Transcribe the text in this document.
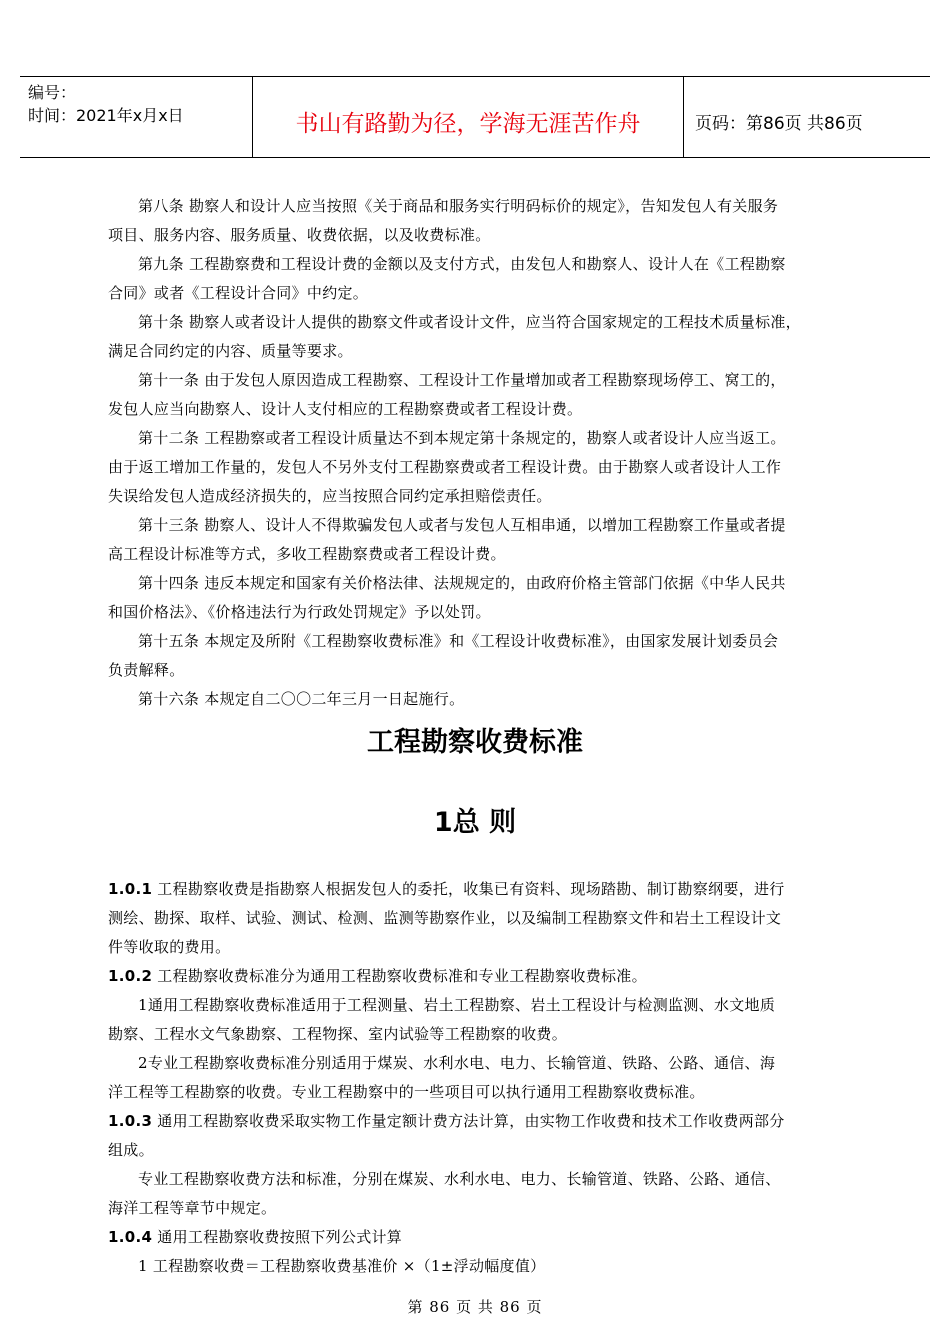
编号：
时间：2021年x月x日	书山有路勤为径，学海无涯苦作舟	页码：第86页 共86页
第八条 勘察人和设计人应当按照《关于商品和服务实行明码标价的规定》，告知发包人有关服务
项目、服务内容、服务质量、收费依据，以及收费标准。
第九条 工程勘察费和工程设计费的金额以及支付方式，由发包人和勘察人、设计人在《工程勘察
合同》或者《工程设计合同》中约定。
第十条 勘察人或者设计人提供的勘察文件或者设计文件，应当符合国家规定的工程技术质量标准，
满足合同约定的内容、质量等要求。
第十一条 由于发包人原因造成工程勘察、工程设计工作量增加或者工程勘察现场停工、窝工的，
发包人应当向勘察人、设计人支付相应的工程勘察费或者工程设计费。
第十二条 工程勘察或者工程设计质量达不到本规定第十条规定的，勘察人或者设计人应当返工。
由于返工增加工作量的，发包人不另外支付工程勘察费或者工程设计费。由于勘察人或者设计人工作
失误给发包人造成经济损失的，应当按照合同约定承担赔偿责任。
第十三条 勘察人、设计人不得欺骗发包人或者与发包人互相串通，以增加工程勘察工作量或者提
高工程设计标准等方式，多收工程勘察费或者工程设计费。
第十四条 违反本规定和国家有关价格法律、法规规定的，由政府价格主管部门依据《中华人民共
和国价格法》、《价格违法行为行政处罚规定》予以处罚。
第十五条 本规定及所附《工程勘察收费标准》和《工程设计收费标准》，由国家发展计划委员会
负责解释。
第十六条 本规定自二〇〇二年三月一日起施行。
工程勘察收费标准
1总 则
1.0.1 工程勘察收费是指勘察人根据发包人的委托，收集已有资料、现场踏勘、制订勘察纲要，进行
测绘、勘探、取样、试验、测试、检测、监测等勘察作业，以及编制工程勘察文件和岩土工程设计文
件等收取的费用。
1.0.2 工程勘察收费标准分为通用工程勘察收费标准和专业工程勘察收费标准。
1通用工程勘察收费标准适用于工程测量、岩土工程勘察、岩土工程设计与检测监测、水文地质
勘察、工程水文气象勘察、工程物探、室内试验等工程勘察的收费。
2专业工程勘察收费标准分别适用于煤炭、水利水电、电力、长输管道、铁路、公路、通信、海
洋工程等工程勘察的收费。专业工程勘察中的一些项目可以执行通用工程勘察收费标准。
1.0.3 通用工程勘察收费采取实物工作量定额计费方法计算，由实物工作收费和技术工作收费两部分
组成。
专业工程勘察收费方法和标准，分别在煤炭、水利水电、电力、长输管道、铁路、公路、通信、
海洋工程等章节中规定。
1.0.4 通用工程勘察收费按照下列公式计算
1 工程勘察收费＝工程勘察收费基准价 ×（1±浮动幅度值）
第 86 页 共 86 页
